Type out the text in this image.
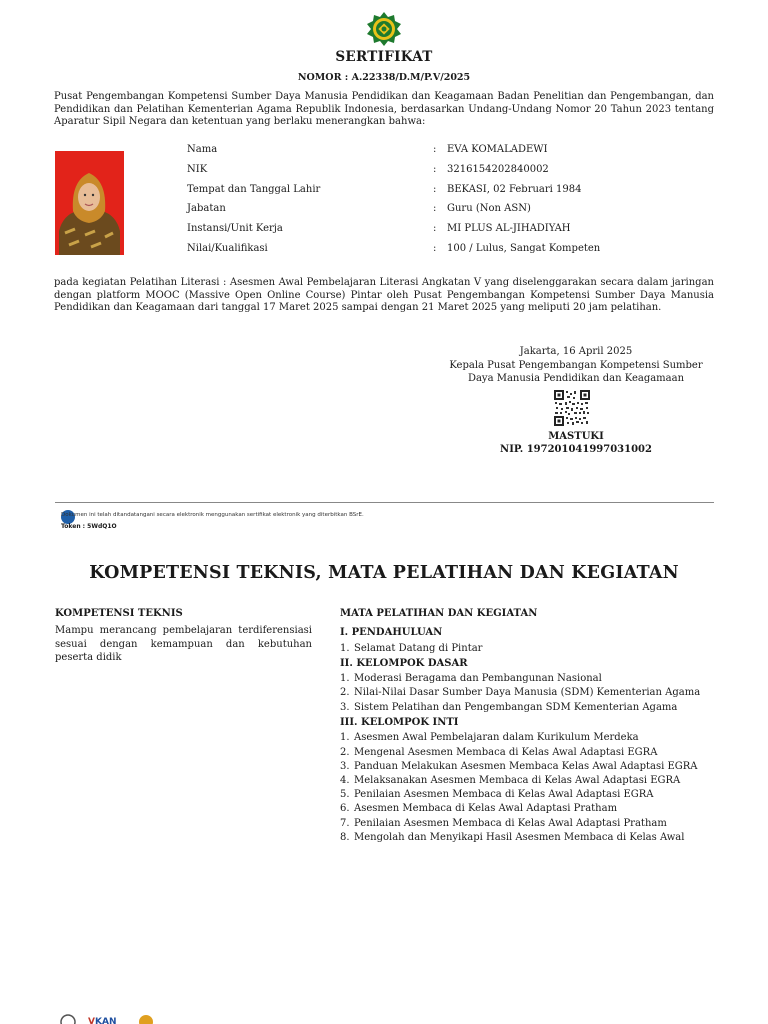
SERTIFIKAT
NOMOR : A.22338/D.M/P.V/2025
Pusat Pengembangan Kompetensi Sumber Daya Manusia Pendidikan dan Keagamaan Badan Penelitian dan Pengembangan, dan Pendidikan dan Pelatihan Kementerian Agama Republik Indonesia, berdasarkan Undang-Undang Nomor 20 Tahun 2023 tentang Aparatur Sipil Negara dan ketentuan yang berlaku menerangkan bahwa:
Nama	:	EVA KOMALADEWI
NIK	:	3216154202840002
Tempat dan Tanggal Lahir	:	BEKASI, 02 Februari 1984
Jabatan	:	Guru (Non ASN)
Instansi/Unit Kerja	:	MI PLUS AL-JIHADIYAH
Nilai/Kualifikasi	:	100 / Lulus, Sangat Kompeten
pada kegiatan Pelatihan Literasi : Asesmen Awal Pembelajaran Literasi Angkatan V yang diselenggarakan secara dalam jaringan dengan platform MOOC (Massive Open Online Course) Pintar oleh Pusat Pengembangan Kompetensi Sumber Daya Manusia Pendidikan dan Keagamaan dari tanggal 17 Maret 2025 sampai dengan 21 Maret 2025 yang meliputi 20 jam pelatihan.
Jakarta, 16 April 2025
Kepala Pusat Pengembangan Kompetensi Sumber
Daya Manusia Pendidikan dan Keagamaan
MASTUKI
NIP. 197201041997031002
Dokumen ini telah ditandatangani secara elektronik menggunakan sertifikat elektronik yang diterbitkan BSrE.
Token : 5WdQ1O
KOMPETENSI TEKNIS, MATA PELATIHAN DAN KEGIATAN
KOMPETENSI TEKNIS
Mampu merancang pembelajaran terdiferensiasi sesuai dengan kemampuan dan kebutuhan peserta didik
MATA PELATIHAN DAN KEGIATAN
I. PENDAHULUAN
1. Selamat Datang di Pintar
II. KELOMPOK DASAR
1. Moderasi Beragama dan Pembangunan Nasional
2. Nilai-Nilai Dasar Sumber Daya Manusia (SDM) Kementerian Agama
3. Sistem Pelatihan dan Pengembangan SDM Kementerian Agama
III. KELOMPOK INTI
1. Asesmen Awal Pembelajaran dalam Kurikulum Merdeka
2. Mengenal Asesmen Membaca di Kelas Awal Adaptasi EGRA
3. Panduan Melakukan Asesmen Membaca Kelas Awal Adaptasi EGRA
4. Melaksanakan Asesmen Membaca di Kelas Awal Adaptasi EGRA
5. Penilaian Asesmen Membaca di Kelas Awal Adaptasi EGRA
6. Asesmen Membaca di Kelas Awal Adaptasi Pratham
7. Penilaian Asesmen Membaca di Kelas Awal Adaptasi Pratham
8. Mengolah dan Menyikapi Hasil Asesmen Membaca di Kelas Awal
V KAN
